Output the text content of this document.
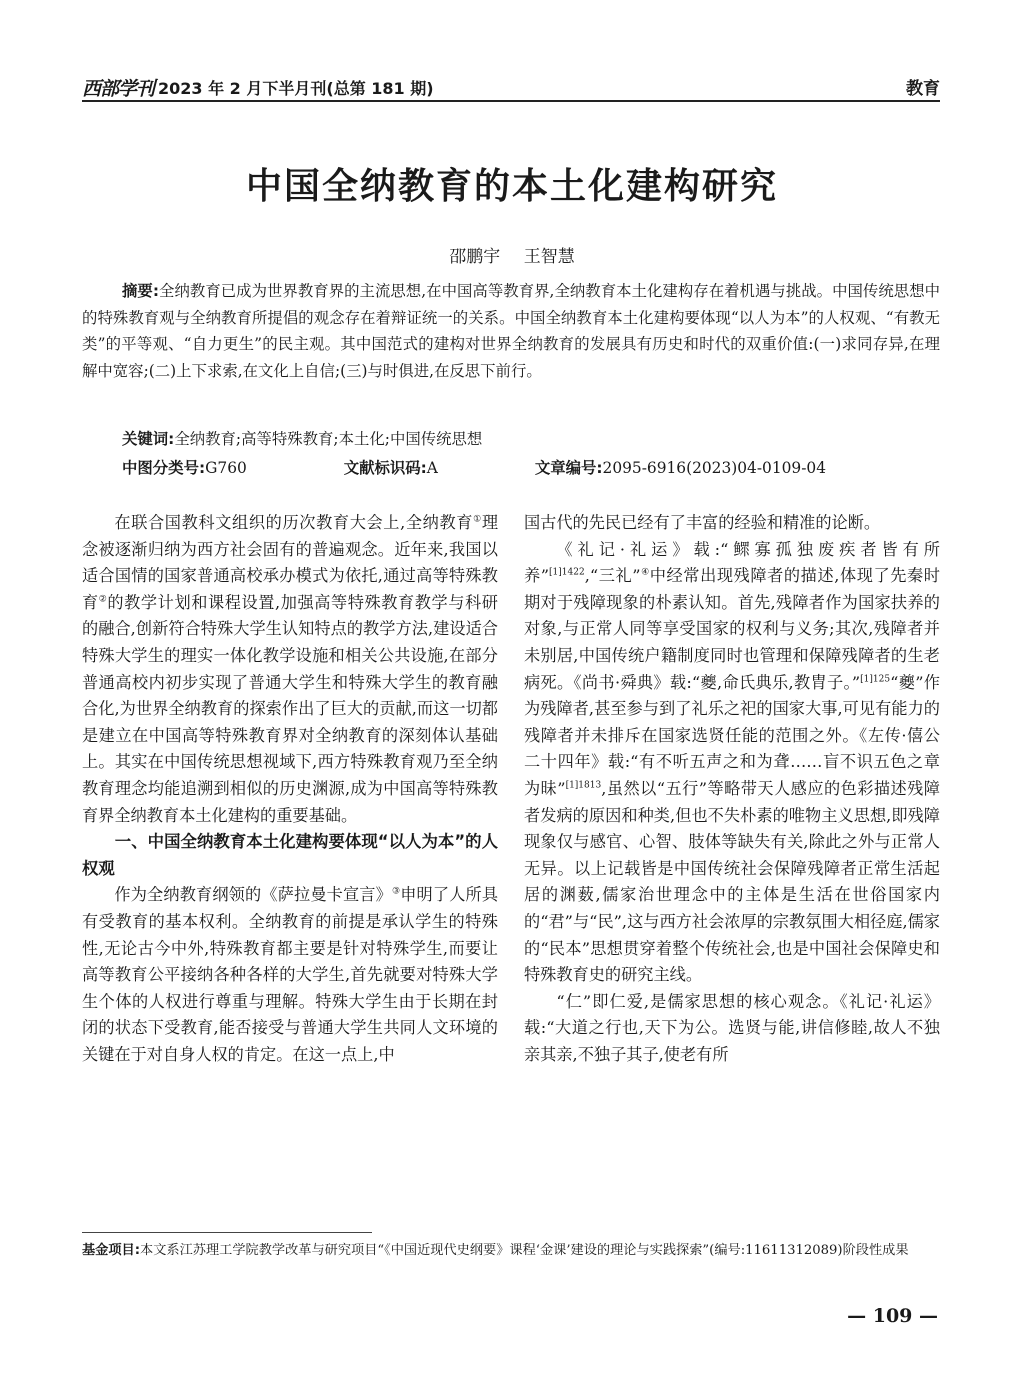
西部学刊 2023 年 2 月下半月刊(总第 181 期)	教育
中国全纳教育的本土化建构研究
邵鹏宇 王智慧
摘要:全纳教育已成为世界教育界的主流思想,在中国高等教育界,全纳教育本土化建构存在着机遇与挑战。中国传统思想中的特殊教育观与全纳教育所提倡的观念存在着辩证统一的关系。中国全纳教育本土化建构要体现“以人为本”的人权观、“有教无类”的平等观、“自力更生”的民主观。其中国范式的建构对世界全纳教育的发展具有历史和时代的双重价值:(一)求同存异,在理解中宽容;(二)上下求索,在文化上自信;(三)与时俱进,在反思下前行。
关键词:全纳教育;高等特殊教育;本土化;中国传统思想
中图分类号:G760	文献标识码:A	文章编号:2095-6916(2023)04-0109-04

在联合国教科文组织的历次教育大会上,全纳教育①理念被逐渐归纳为西方社会固有的普遍观念。近年来,我国以适合国情的国家普通高校承办模式为依托,通过高等特殊教育②的教学计划和课程设置,加强高等特殊教育教学与科研的融合,创新符合特殊大学生认知特点的教学方法,建设适合特殊大学生的理实一体化教学设施和相关公共设施,在部分普通高校内初步实现了普通大学生和特殊大学生的教育融合化,为世界全纳教育的探索作出了巨大的贡献,而这一切都是建立在中国高等特殊教育界对全纳教育的深刻体认基础上。其实在中国传统思想视域下,西方特殊教育观乃至全纳教育理念均能追溯到相似的历史渊源,成为中国高等特殊教育界全纳教育本土化建构的重要基础。

一、中国全纳教育本土化建构要体现“以人为本”的人权观

作为全纳教育纲领的《萨拉曼卡宣言》③申明了人所具有受教育的基本权利。全纳教育的前提是承认学生的特殊性,无论古今中外,特殊教育都主要是针对特殊学生,而要让高等教育公平接纳各种各样的大学生,首先就要对特殊大学生个体的人权进行尊重与理解。特殊大学生由于长期在封闭的状态下受教育,能否接受与普通大学生共同人文环境的关键在于对自身人权的肯定。在这一点上,中

国古代的先民已经有了丰富的经验和精准的论断。

《礼记·礼运》载:“鳏寡孤独废疾者皆有所养”$^{[1]1422}$,“三礼”④中经常出现残障者的描述,体现了先秦时期对于残障现象的朴素认知。首先,残障者作为国家扶养的对象,与正常人同等享受国家的权利与义务;其次,残障者并未别居,中国传统户籍制度同时也管理和保障残障者的生老病死。《尚书·舜典》载:“夔,命氏典乐,教胄子。”$^{[1]125}$“夔”作为残障者,甚至参与到了礼乐之祀的国家大事,可见有能力的残障者并未排斥在国家选贤任能的范围之外。《左传·僖公二十四年》载:“有不听五声之和为聋……盲不识五色之章为昧”$^{[1]1813}$,虽然以“五行”等略带天人感应的色彩描述残障者发病的原因和种类,但也不失朴素的唯物主义思想,即残障现象仅与感官、心智、肢体等缺失有关,除此之外与正常人无异。以上记载皆是中国传统社会保障残障者正常生活起居的渊薮,儒家治世理念中的主体是生活在世俗国家内的“君”与“民”,这与西方社会浓厚的宗教氛围大相径庭,儒家的“民本”思想贯穿着整个传统社会,也是中国社会保障史和特殊教育史的研究主线。

“仁”即仁爱,是儒家思想的核心观念。《礼记·礼运》载:“大道之行也,天下为公。选贤与能,讲信修睦,故人不独亲其亲,不独子其子,使老有所

基金项目:本文系江苏理工学院教学改革与研究项目“《中国近现代史纲要》课程‘金课’建设的理论与实践探索”(编号:11611312089)阶段性成果
— 109 —
